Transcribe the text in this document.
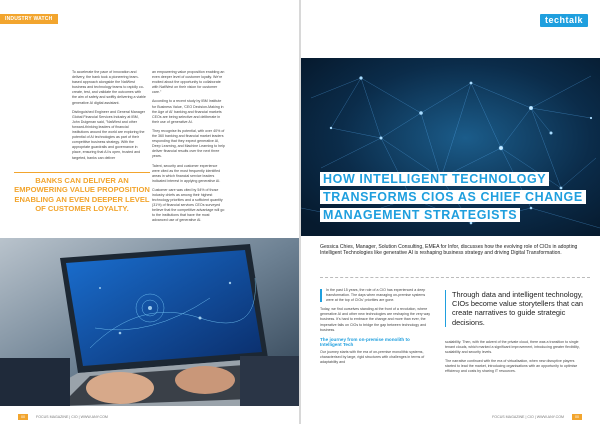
INDUSTRY WATCH

To accelerate the pace of innovation and delivery, the bank took a pioneering team-based approach alongside the NatWest business and technology teams to rapidly co-create, test, and validate the outcomes with the aim of safety and swiftly delivering a viable generative AI digital assistant.

Distinguished Engineer and General Manager Global Financial Services Industry at IBM, John Duigenan said, "NatWest and other forward-thinking leaders of financial institutions around the world are exploring the potential of AI technologies as part of their competitive business strategy. With the appropriate guardrails and governance in place, ensuring that AI is open, trusted and targeted, banks can deliver

an empowering value proposition enabling an even deeper level of customer loyalty. We're excited about the opportunity to collaborate with NatWest on their vision for customer care."

According to a recent study by IBM Institute for Business Value, 'CEO Decision-Making in the Age of AI' banking and financial markets CEOs are being selective and deliberate in their use of generative AI.

They recognise its potential, with over 40% of the 360 banking and financial market leaders responding that they expect generative AI, Deep Learning, and Machine Learning to help deliver financial results over the next three years.

Talent, security and customer experience were cited as the most frequently identified areas in which financial service leaders indicated interest in applying generative AI.

Customer care was cited by 54% of those industry chiefs as among their highest technology priorities and a sufficient quantity (31%) of financial services CEOs surveyed believe that the competitive advantage will go to the institutions that have the most advanced use of generative AI.

BANKS CAN DELIVER AN EMPOWERING VALUE PROPOSITION ENABLING AN EVEN DEEPER LEVEL OF CUSTOMER LOYALTY.
00	FOCUS MAGAZINE | CIO | WWW.ANY.COM
techtalk
HOW INTELLIGENT TECHNOLOGY TRANSFORMS CIOS AS CHIEF CHANGE MANAGEMENT STRATEGISTS
Gessica Chies, Manager, Solution Consulting, EMEA for Infor, discusses how the evolving role of CIOs in adopting Intelligent Technologies like generative AI is reshaping business strategy and driving Digital Transformation.

In the past 15 years, the role of a CIO has experienced a deep transformation. The days when managing on-premise systems were at the top of CIOs' priorities are gone.

Today, we find ourselves standing at the front of a revolution, where generative AI and other new technologies are reshaping the very way business. It's hard to embrace the change and more than ever, the imperative falls on CIOs to bridge the gap between technology and business.

The journey from on-premise monolith to Intelligent Tech

Our journey starts with the era of on-premise monolithic systems, characterised by large, rigid structures with challenges in terms of adaptability and

Through data and intelligent technology, CIOs become value storytellers that can create narratives to guide strategic decisions.

scalability. Then, with the advent of the private cloud, there was a transition to single tenant clouds, which marked a significant improvement, introducing greater flexibility, scalability and security levels.

The narrative continued with the era of virtualisation, when new disruptive players started to lead the market, introducing organisations with an opportunity to optimise efficiency and costs by sharing IT resources.

FOCUS MAGAZINE | CIO | WWW.ANY.COM	00
